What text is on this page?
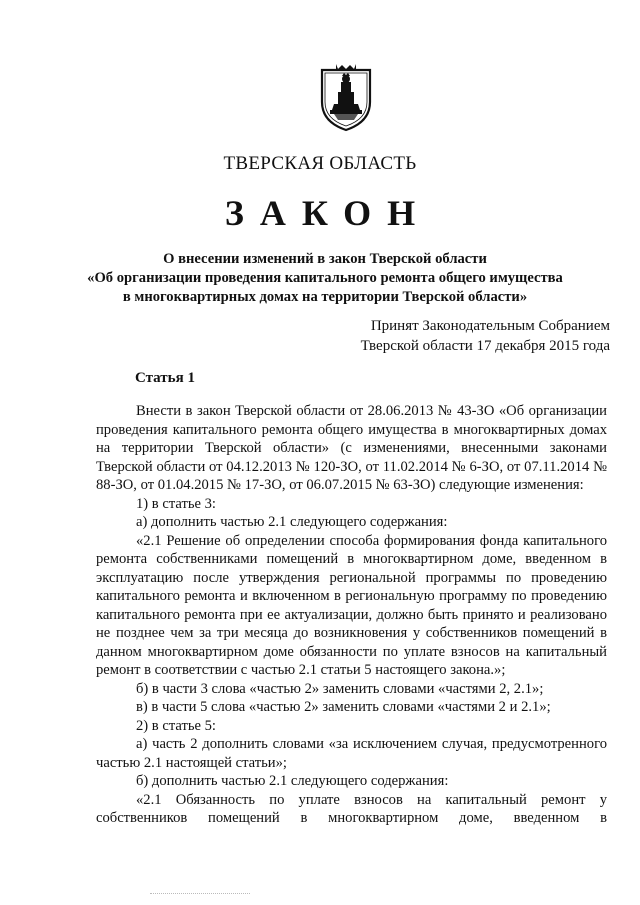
ТВЕРСКАЯ ОБЛАСТЬ
ЗАКОН
О внесении изменений в закон Тверской области
«Об организации проведения капитального ремонта общего имущества
в многоквартирных домах на территории Тверской области»
Принят Законодательным Собранием
Тверской области 17 декабря 2015 года
Статья 1

Внести в закон Тверской области от 28.06.2013 № 43-ЗО «Об организации проведения капитального ремонта общего имущества в многоквартирных домах на территории Тверской области» (с изменениями, внесенными законами Тверской области от 04.12.2013 № 120-ЗО, от 11.02.2014 № 6-ЗО, от 07.11.2014 № 88-ЗО, от 01.04.2015 № 17-ЗО, от 06.07.2015 № 63-ЗО) следующие изменения:

1) в статье 3:

а) дополнить частью 2.1 следующего содержания:

«2.1 Решение об определении способа формирования фонда капитального ремонта собственниками помещений в многоквартирном доме, введенном в эксплуатацию после утверждения региональной программы по проведению капитального ремонта и включенном в региональную программу по проведению капитального ремонта при ее актуализации, должно быть принято и реализовано не позднее чем за три месяца до возникновения у собственников помещений в данном многоквартирном доме обязанности по уплате взносов на капитальный ремонт в соответствии с частью 2.1 статьи 5 настоящего закона.»;

б) в части 3 слова «частью 2» заменить словами «частями 2, 2.1»;

в) в части 5 слова «частью 2» заменить словами «частями 2 и 2.1»;

2) в статье 5:

а) часть 2 дополнить словами «за исключением случая, предусмотренного частью 2.1 настоящей статьи»;

б) дополнить частью 2.1 следующего содержания:

«2.1 Обязанность по уплате взносов на капитальный ремонт у собственников помещений в многоквартирном доме, введенном в
